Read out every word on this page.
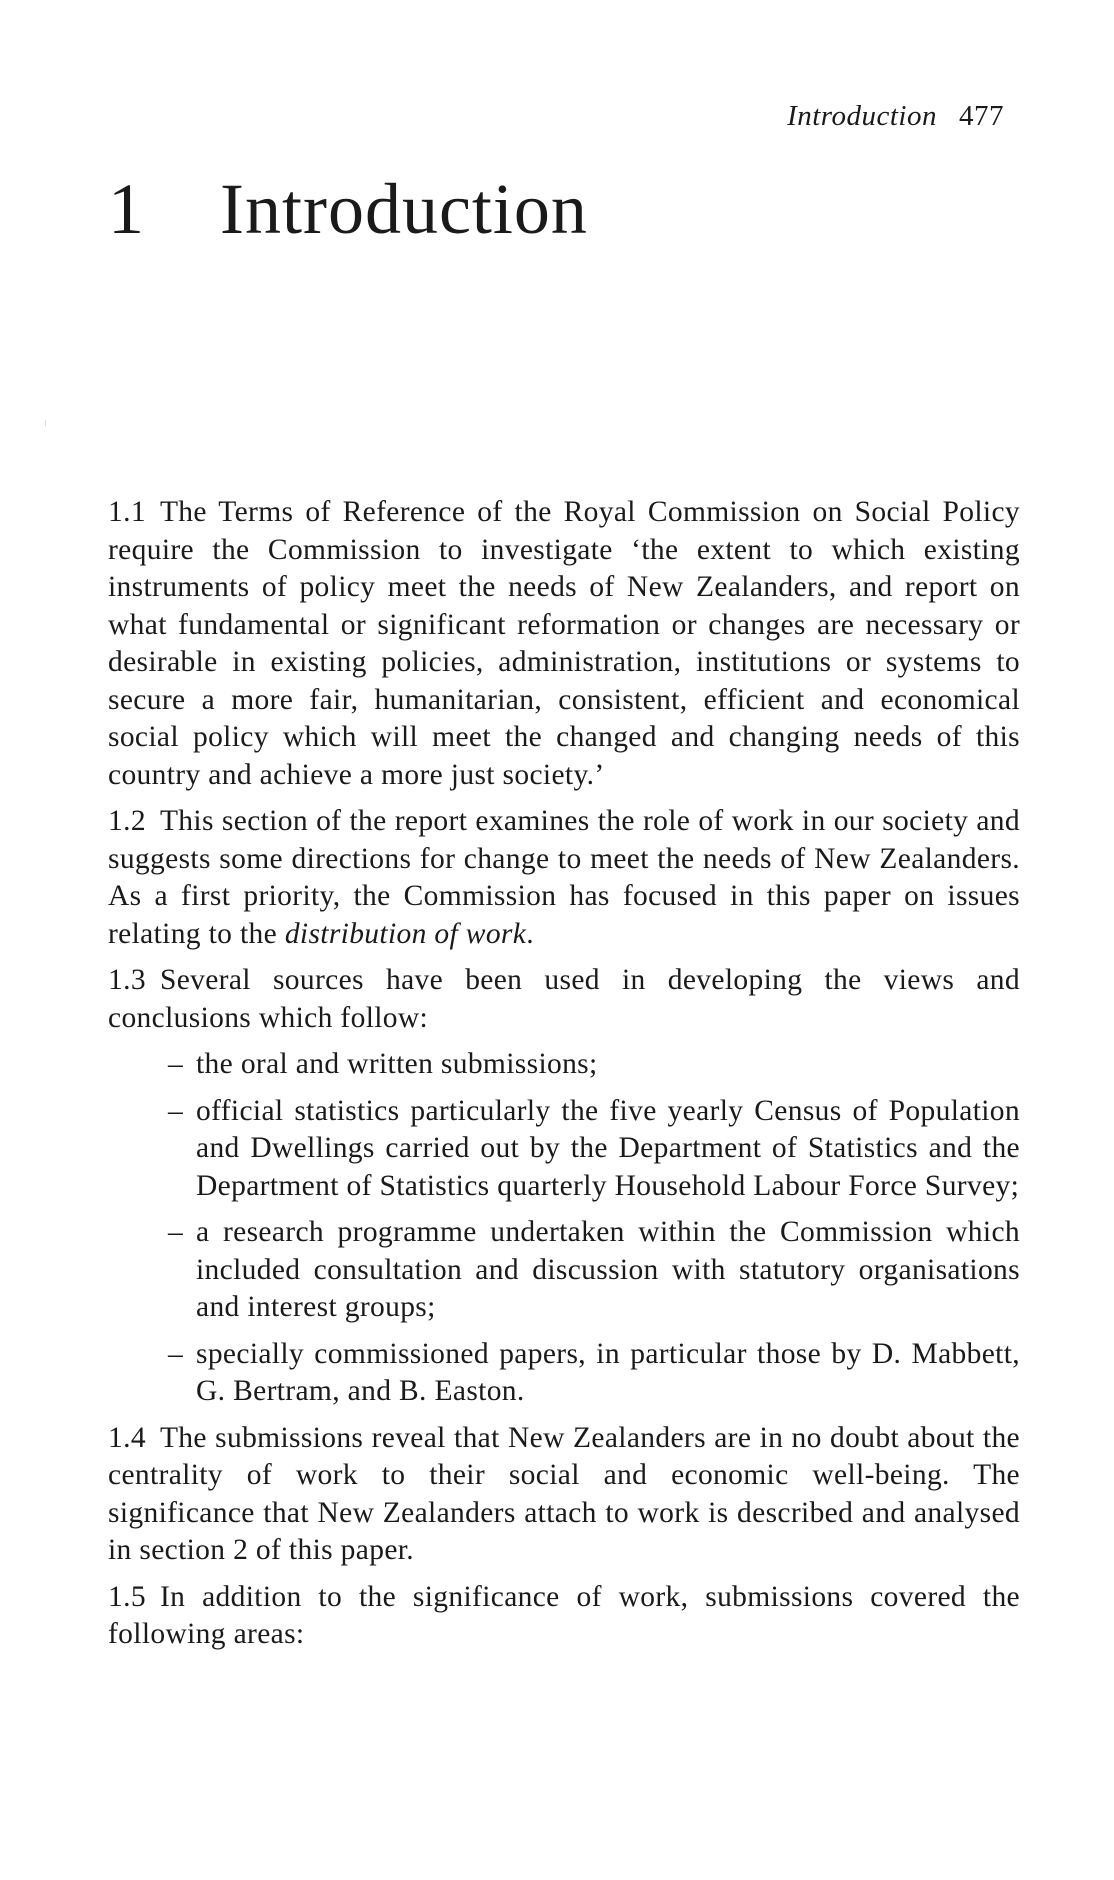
Introduction 477
1 Introduction

1.1 The Terms of Reference of the Royal Commission on Social Policy require the Commission to investigate ‘the extent to which existing instruments of policy meet the needs of New Zealanders, and report on what fundamental or significant reformation or changes are necessary or desirable in existing policies, administration, institutions or systems to secure a more fair, humanitarian, consistent, efficient and economical social policy which will meet the changed and changing needs of this country and achieve a more just society.’

1.2 This section of the report examines the role of work in our society and suggests some directions for change to meet the needs of New Zealanders. As a first priority, the Commission has focused in this paper on issues relating to the distribution of work.

1.3 Several sources have been used in developing the views and conclusions which follow:

– the oral and written submissions;
– official statistics particularly the five yearly Census of Population and Dwellings carried out by the Department of Statistics and the Department of Statistics quarterly Household Labour Force Survey;
– a research programme undertaken within the Commission which included consultation and discussion with statutory organisations and interest groups;
– specially commissioned papers, in particular those by D. Mabbett, G. Bertram, and B. Easton.

1.4 The submissions reveal that New Zealanders are in no doubt about the centrality of work to their social and economic well-being. The significance that New Zealanders attach to work is described and analysed in section 2 of this paper.

1.5 In addition to the significance of work, submissions covered the following areas:
